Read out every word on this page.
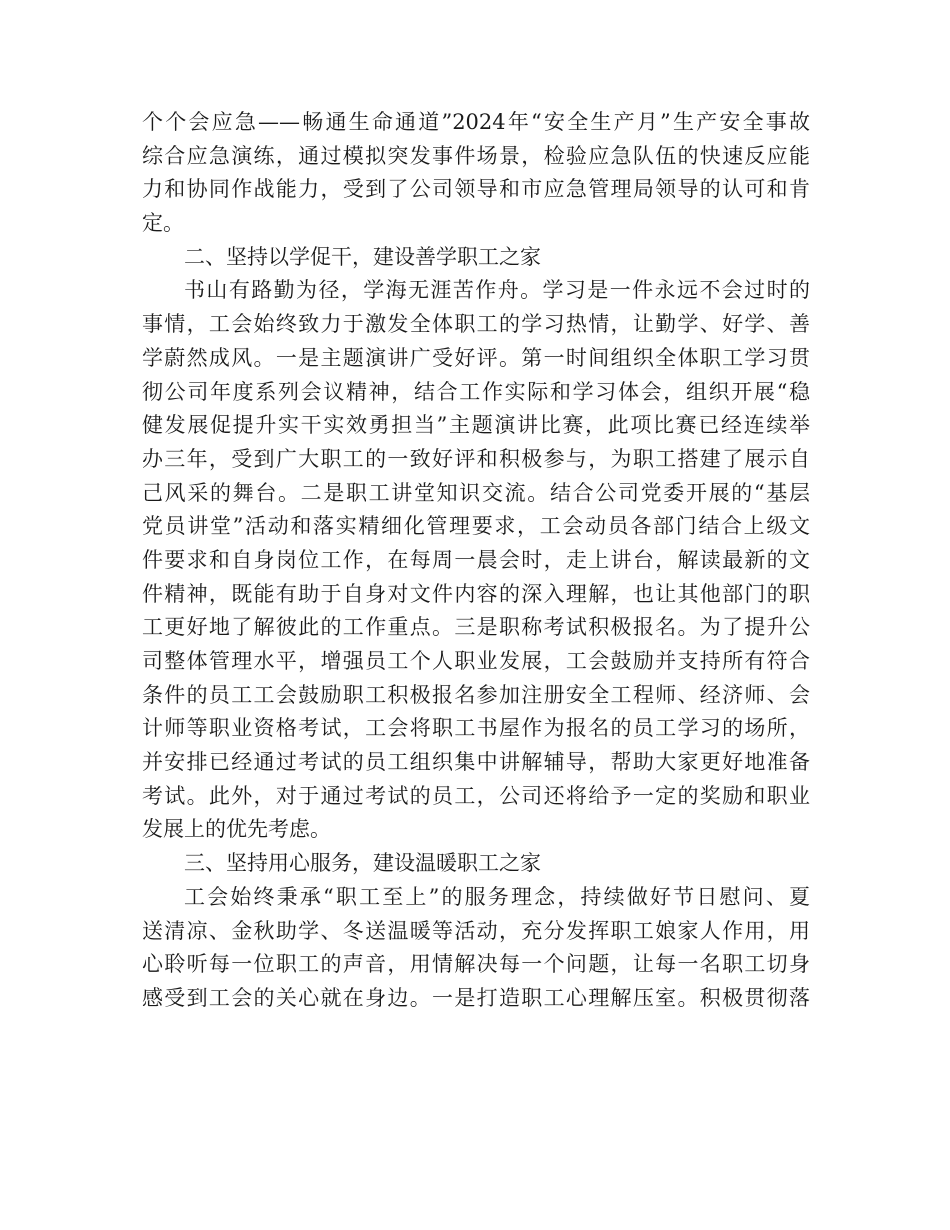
个个会应急——畅通生命通道”2024年“安全生产月”生产安全事故
综合应急演练，通过模拟突发事件场景，检验应急队伍的快速反应能
力和协同作战能力，受到了公司领导和市应急管理局领导的认可和肯
定。
二、坚持以学促干，建设善学职工之家
书山有路勤为径，学海无涯苦作舟。学习是一件永远不会过时的
事情，工会始终致力于激发全体职工的学习热情，让勤学、好学、善
学蔚然成风。一是主题演讲广受好评。第一时间组织全体职工学习贯
彻公司年度系列会议精神，结合工作实际和学习体会，组织开展“稳
健发展促提升实干实效勇担当”主题演讲比赛，此项比赛已经连续举
办三年，受到广大职工的一致好评和积极参与，为职工搭建了展示自
己风采的舞台。二是职工讲堂知识交流。结合公司党委开展的“基层
党员讲堂”活动和落实精细化管理要求，工会动员各部门结合上级文
件要求和自身岗位工作，在每周一晨会时，走上讲台，解读最新的文
件精神，既能有助于自身对文件内容的深入理解，也让其他部门的职
工更好地了解彼此的工作重点。三是职称考试积极报名。为了提升公
司整体管理水平，增强员工个人职业发展，工会鼓励并支持所有符合
条件的员工工会鼓励职工积极报名参加注册安全工程师、经济师、会
计师等职业资格考试，工会将职工书屋作为报名的员工学习的场所，
并安排已经通过考试的员工组织集中讲解辅导，帮助大家更好地准备
考试。此外，对于通过考试的员工，公司还将给予一定的奖励和职业
发展上的优先考虑。
三、坚持用心服务，建设温暖职工之家
工会始终秉承“职工至上”的服务理念，持续做好节日慰问、夏
送清凉、金秋助学、冬送温暖等活动，充分发挥职工娘家人作用，用
心聆听每一位职工的声音，用情解决每一个问题，让每一名职工切身
感受到工会的关心就在身边。一是打造职工心理解压室。积极贯彻落
